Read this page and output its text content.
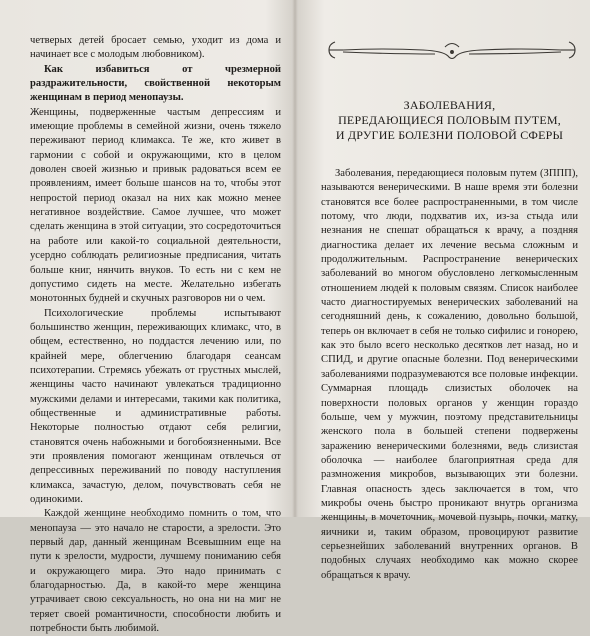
четверых детей бросает семью, уходит из дома и начинает все с молодым любовником).

Как избавиться от чрезмерной раздражительности, свойственной некоторым женщинам в период менопаузы.

Женщины, подверженные частым депрессиям и имеющие проблемы в семейной жизни, очень тяжело переживают период климакса. Те же, кто живет в гармонии с собой и окружающими, кто в целом доволен своей жизнью и привык радоваться всем ее проявлениям, имеет больше шансов на то, чтобы этот непростой период оказал на них как можно менее негативное воздействие. Самое лучшее, что может сделать женщина в этой ситуации, это сосредоточиться на работе или какой-то социальной деятельности, усердно соблюдать религиозные предписания, читать больше книг, нянчить внуков. То есть ни с кем не допустимо сидеть на месте. Желательно избегать монотонных будней и скучных разговоров ни о чем.

Психологические проблемы испытывают большинство женщин, переживающих климакс, что, в общем, естественно, но поддастся лечению или, по крайней мере, облегчению благодаря сеансам психотерапии. Стремясь убежать от грустных мыслей, женщины часто начинают увлекаться традиционно мужскими делами и интересами, такими как политика, общественные и административные работы. Некоторые полностью отдают себя религии, становятся очень набожными и богобоязненными. Все эти проявления помогают женщинам отвлечься от депрессивных переживаний по поводу наступления климакса, зачастую, делом, почувствовать себя не одинокими.

Каждой женщине необходимо помнить о том, что менопауза — это начало не старости, а зрелости. Это первый дар, данный женщинам Всевышним еще на пути к зрелости, мудрости, лучшему пониманию себя и окружающего мира. Это надо принимать с благодарностью. Да, в какой-то мере женщина утрачивает свою сексуальность, но она ни на миг не теряет своей романтичности, способности любить и потребности быть любимой.

ЗАБОЛЕВАНИЯ,
ПЕРЕДАЮЩИЕСЯ ПОЛОВЫМ ПУТЕМ,
И ДРУГИЕ БОЛЕЗНИ ПОЛОВОЙ СФЕРЫ

Заболевания, передающиеся половым путем (ЗППП), называются венерическими. В наше время эти болезни становятся все более распространенными, в том числе потому, что люди, подхватив их, из-за стыда или незнания не спешат обращаться к врачу, а поздняя диагностика делает их лечение весьма сложным и продолжительным. Распространение венерических заболеваний во многом обусловлено легкомысленным отношением людей к половым связям. Список наиболее часто диагностируемых венерических заболеваний на сегодняшний день, к сожалению, довольно большой, теперь он включает в себя не только сифилис и гонорею, как это было всего несколько десятков лет назад, но и СПИД, и другие опасные болезни. Под венерическими заболеваниями подразумеваются все половые инфекции. Суммарная площадь слизистых оболочек на поверхности половых органов у женщин гораздо больше, чем у мужчин, поэтому представительницы женского пола в большей степени подвержены заражению венерическими болезнями, ведь слизистая оболочка — наиболее благоприятная среда для размножения микробов, вызывающих эти болезни. Главная опасность здесь заключается в том, что микробы очень быстро проникают внутрь организма женщины, в мочеточник, мочевой пузырь, почки, матку, яичники и, таким образом, провоцируют развитие серьезнейших заболеваний внутренних органов. В подобных случаях необходимо как можно скорее обращаться к врачу.
